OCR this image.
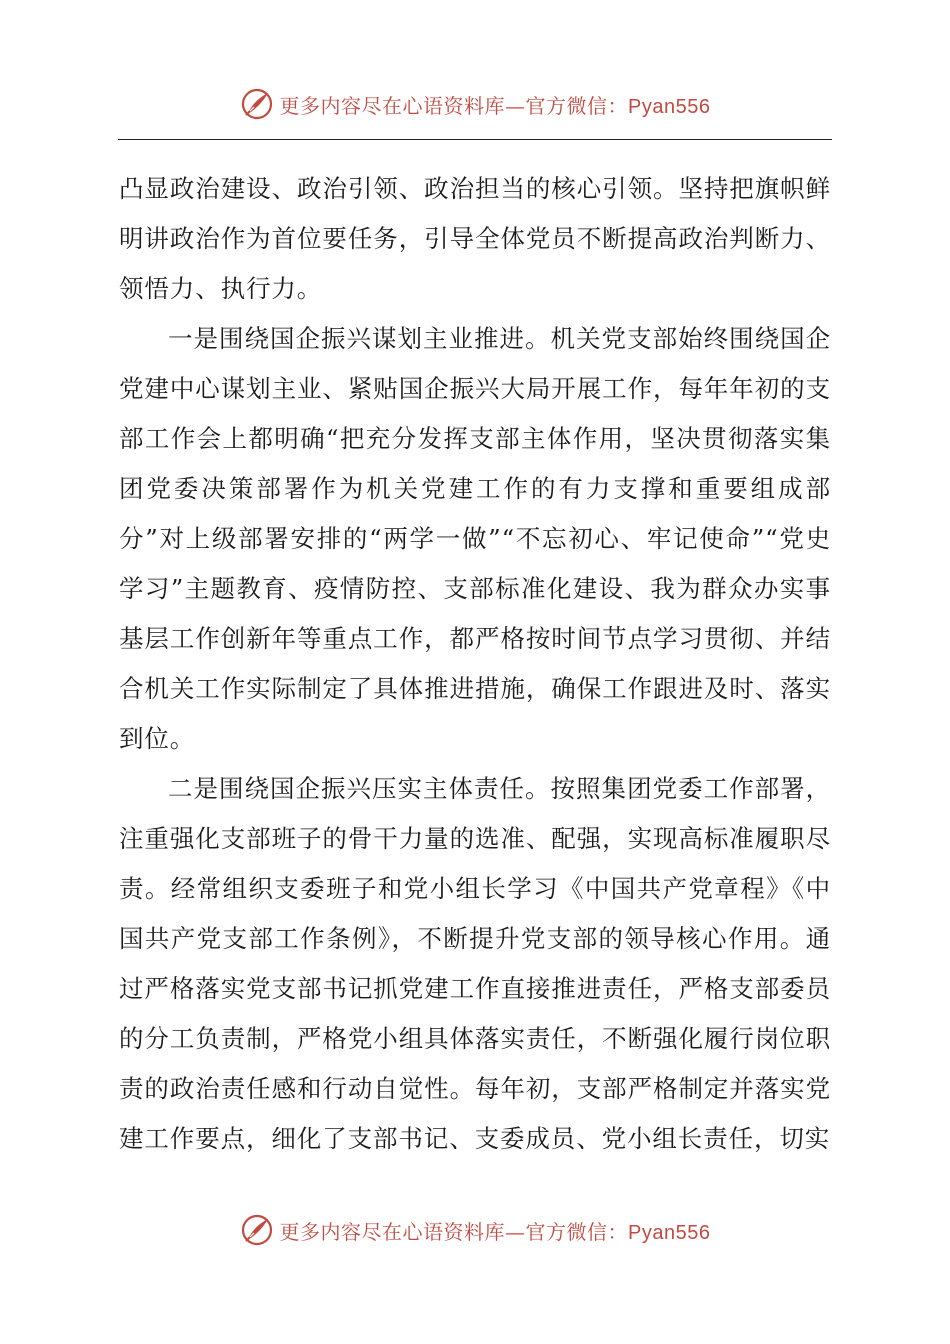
更多内容尽在心语资料库—官方微信：Pyan556

凸显政治建设、政治引领、政治担当的核心引领。坚持把旗帜鲜明讲政治作为首位要任务，引导全体党员不断提高政治判断力、领悟力、执行力。

一是围绕国企振兴谋划主业推进。机关党支部始终围绕国企党建中心谋划主业、紧贴国企振兴大局开展工作，每年年初的支部工作会上都明确“把充分发挥支部主体作用，坚决贯彻落实集团党委决策部署作为机关党建工作的有力支撑和重要组成部分”对上级部署安排的“两学一做”“不忘初心、牢记使命”“党史学习”主题教育、疫情防控、支部标准化建设、我为群众办实事基层工作创新年等重点工作，都严格按时间节点学习贯彻、并结合机关工作实际制定了具体推进措施，确保工作跟进及时、落实到位。

二是围绕国企振兴压实主体责任。按照集团党委工作部署，注重强化支部班子的骨干力量的选准、配强，实现高标准履职尽责。经常组织支委班子和党小组长学习《中国共产党章程》《中国共产党支部工作条例》，不断提升党支部的领导核心作用。通过严格落实党支部书记抓党建工作直接推进责任，严格支部委员的分工负责制，严格党小组具体落实责任，不断强化履行岗位职责的政治责任感和行动自觉性。每年初，支部严格制定并落实党建工作要点，细化了支部书记、支委成员、党小组长责任，切实

更多内容尽在心语资料库—官方微信：Pyan556
